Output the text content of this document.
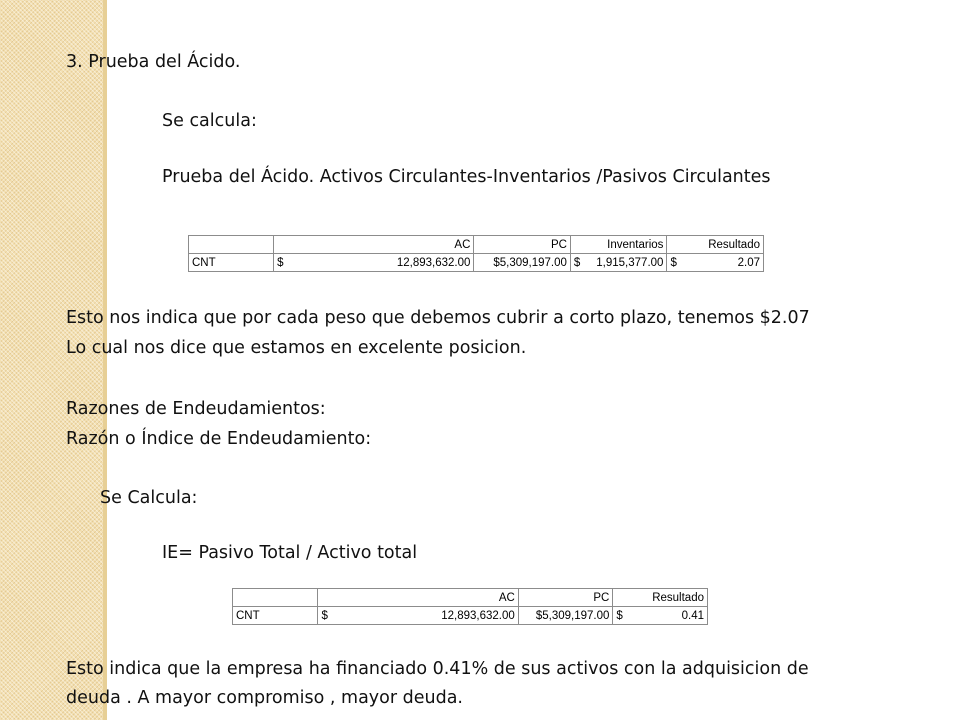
3. Prueba del Ácido.

Se calcula:

Prueba del Ácido. Activos Circulantes-Inventarios /Pasivos Circulantes

	AC	PC	Inventarios	Resultado
CNT	$ 12,893,632.00	$5,309,197.00	$ 1,915,377.00	$ 2.07

Esto nos indica que por cada peso que debemos cubrir a corto plazo, tenemos $2.07

Lo cual nos dice que estamos en excelente posicion.

Razones de Endeudamientos:

Razón o Índice de Endeudamiento:

Se Calcula:

IE= Pasivo Total / Activo total

	AC	PC	Resultado
CNT	$ 12,893,632.00	$5,309,197.00	$ 0.41

Esto indica que la empresa ha financiado 0.41% de sus activos con la adquisicion de

deuda . A mayor compromiso , mayor deuda.
